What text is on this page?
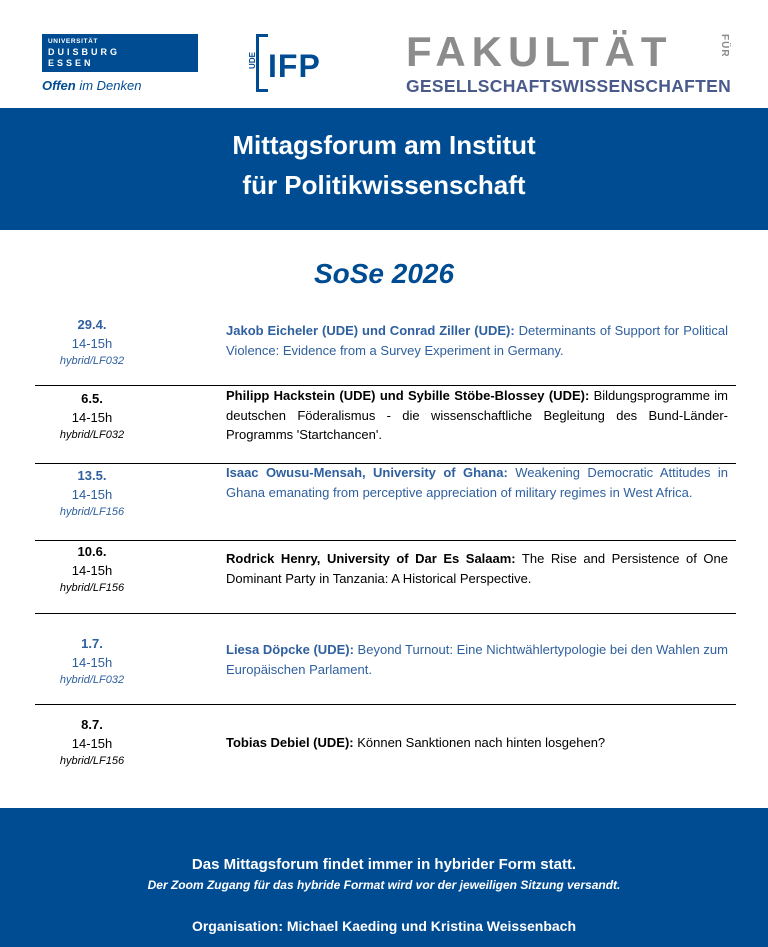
UNIVERSITÄT
DUISBURG
ESSEN
Offen im Denken
UDE IFP FAKULTÄT	FÜR
GESELLSCHAFTSWISSENSCHAFTEN
Mittagsforum am Institut
für Politikwissenschaft
SoSe 2026
29.4.
14-15h
hybrid/LF032
Jakob Eicheler (UDE) und Conrad Ziller (UDE): Determinants of Support for Political Violence: Evidence from a Survey Experiment in Germany.
6.5.
14-15h
hybrid/LF032
Philipp Hackstein (UDE) und Sybille Stöbe-Blossey (UDE): Bildungsprogramme im deutschen Föderalismus - die wissenschaftliche Begleitung des Bund-Länder-Programms 'Startchancen'.
13.5.
14-15h
hybrid/LF156
Isaac Owusu-Mensah, University of Ghana: Weakening Democratic Attitudes in Ghana emanating from perceptive appreciation of military regimes in West Africa.
10.6.
14-15h
hybrid/LF156
Rodrick Henry, University of Dar Es Salaam: The Rise and Persistence of One Dominant Party in Tanzania: A Historical Perspective.
1.7.
14-15h
hybrid/LF032
Liesa Döpcke (UDE): Beyond Turnout: Eine Nichtwählertypologie bei den Wahlen zum Europäischen Parlament.
8.7.
14-15h
hybrid/LF156
Tobias Debiel (UDE): Können Sanktionen nach hinten losgehen?
Das Mittagsforum findet immer in hybrider Form statt.
Der Zoom Zugang für das hybride Format wird vor der jeweiligen Sitzung versandt.
Organisation: Michael Kaeding und Kristina Weissenbach
